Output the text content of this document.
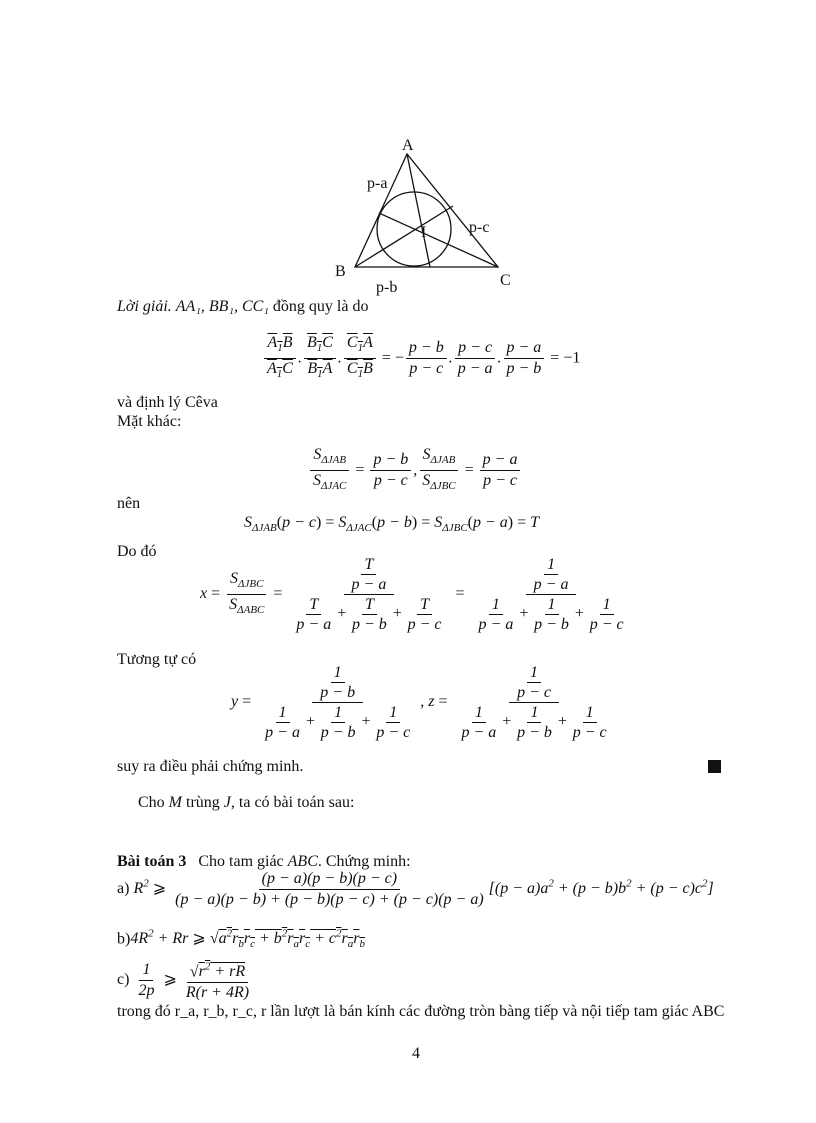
A
B
C
I
p-a
p-b
p-c
Lời giải. AA₁, BB₁, CC₁ đồng quy là do
$\frac{A_1B}{A_1C}$ . $\frac{B_1C}{B_1A}$ . $\frac{C_1A}{C_1B}$ = − $\frac{p - b}{p - c}$ . $\frac{p - c}{p - a}$ . $\frac{p - a}{p - b} = -1$
và định lý Cêva
Mặt khác:
$\frac{S_{\Delta JAB}}{S_{\Delta JAC}} = \frac{p - b}{p - c}$ , $\frac{S_{\Delta JAB}}{S_{\Delta JBC}} = \frac{p - a}{p - c}$
nên
$S_{\Delta JAB}(p - c) = S_{\Delta JAC}(p - b) = S_{\Delta JBC}(p - a) = T$
Do đó
$x = \frac{S_{\Delta JBC}}{S_{\Delta ABC}} = \frac{\frac{T}{p - a}}{\frac{T}{p - a} + \frac{T}{p - b} + \frac{T}{p - c}} = \frac{\frac{1}{p - a}}{\frac{1}{p - a} + \frac{1}{p - b} + \frac{1}{p - c}}$
Tương tự có
$y = \frac{\frac{1}{p - b}}{\frac{1}{p - a} + \frac{1}{p - b} + \frac{1}{p - c}}$ , $z = \frac{\frac{1}{p - c}}{\frac{1}{p - a} + \frac{1}{p - b} + \frac{1}{p - c}}$
suy ra điều phải chứng minh.
Cho M trùng J, ta có bài toán sau:
Bài toán 3 Cho tam giác ABC. Chứng minh:
a) $R^2$ ⩾ $\frac{(p - a)(p - b)(p - c)}{(p - a)(p - b) + (p - b)(p - c) + (p - c)(p - a)} [(p - a)a^2 + (p - b)b^2 + (p - c)c^2]$
$b)4R^2 + Rr$ ⩾ $√a^2r_br_c + b^2r_ar_c + c^2r_ar_b$
$c) \frac{1}{2p}$ ⩾ $\frac{√r^2 + rR}{R(r + 4R)}$
trong đó r_a, r_b, r_c, r lần lượt là bán kính các đường tròn bàng tiếp và nội tiếp tam giác ABC
4
